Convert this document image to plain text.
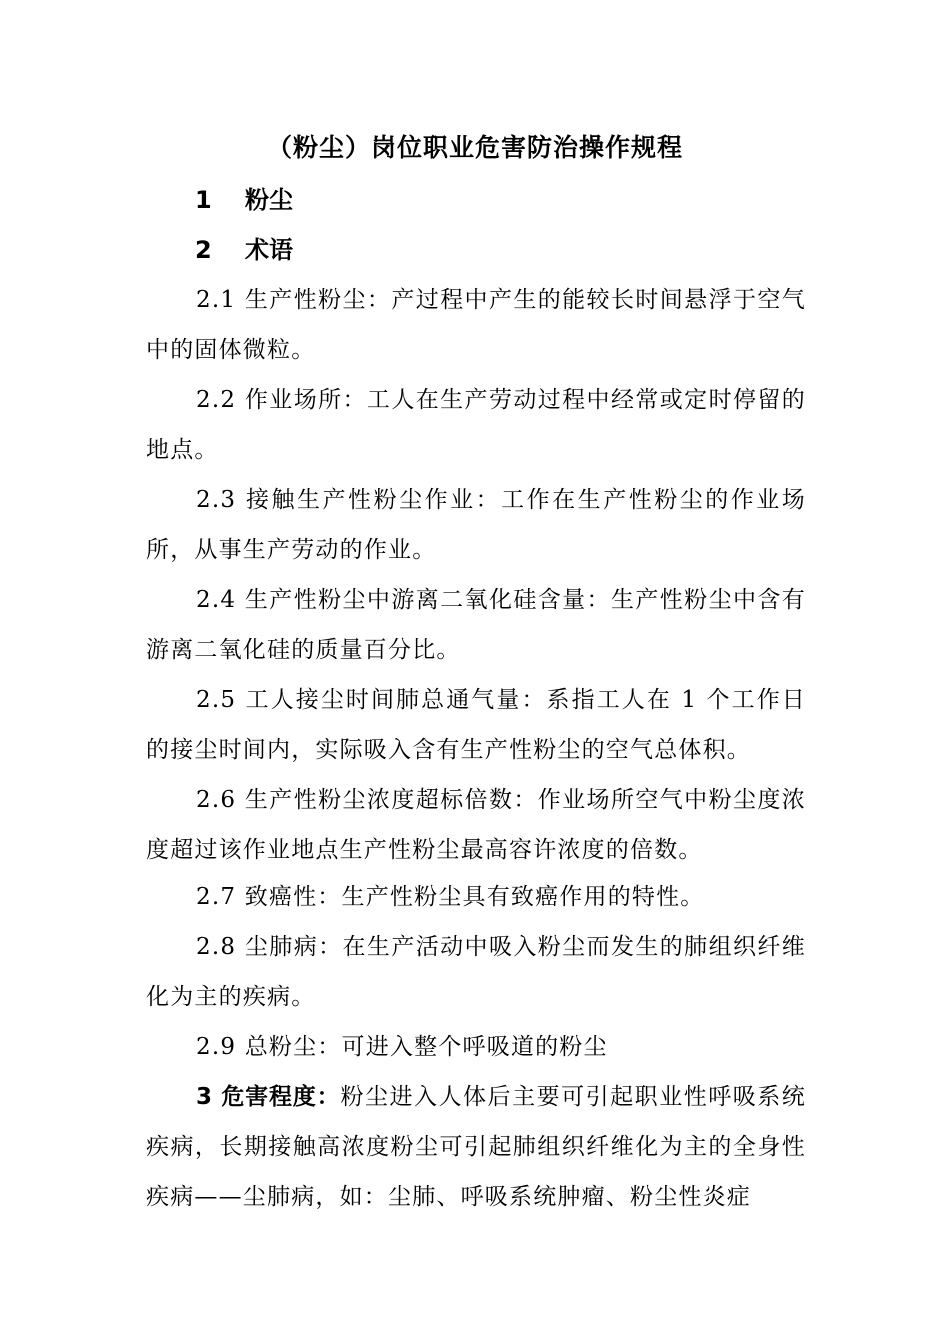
（粉尘）岗位职业危害防治操作规程
1 粉尘
2 术语

2.1 生产性粉尘：产过程中产生的能较长时间悬浮于空气中的固体微粒。

2.2 作业场所：工人在生产劳动过程中经常或定时停留的地点。

2.3 接触生产性粉尘作业：工作在生产性粉尘的作业场所，从事生产劳动的作业。

2.4 生产性粉尘中游离二氧化硅含量：生产性粉尘中含有游离二氧化硅的质量百分比。

2.5 工人接尘时间肺总通气量：系指工人在 1 个工作日的接尘时间内，实际吸入含有生产性粉尘的空气总体积。

2.6 生产性粉尘浓度超标倍数：作业场所空气中粉尘度浓度超过该作业地点生产性粉尘最高容许浓度的倍数。

2.7 致癌性：生产性粉尘具有致癌作用的特性。

2.8 尘肺病：在生产活动中吸入粉尘而发生的肺组织纤维化为主的疾病。

2.9 总粉尘：可进入整个呼吸道的粉尘

3 危害程度：粉尘进入人体后主要可引起职业性呼吸系统疾病，长期接触高浓度粉尘可引起肺组织纤维化为主的全身性疾病——尘肺病，如：尘肺、呼吸系统肿瘤、粉尘性炎症
